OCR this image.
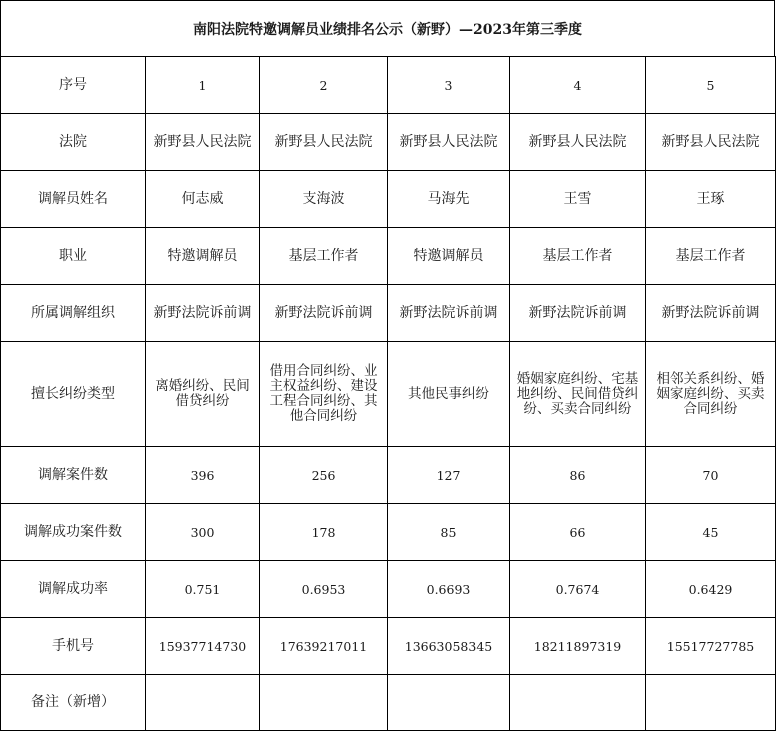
南阳法院特邀调解员业绩排名公示（新野）—2023年第三季度
序号	1	2	3	4	5
法院	新野县人民法院	新野县人民法院	新野县人民法院	新野县人民法院	新野县人民法院
调解员姓名	何志威	支海波	马海先	王雪	王琢
职业	特邀调解员	基层工作者	特邀调解员	基层工作者	基层工作者
所属调解组织	新野法院诉前调	新野法院诉前调	新野法院诉前调	新野法院诉前调	新野法院诉前调
擅长纠纷类型	离婚纠纷、民间借贷纠纷	借用合同纠纷、业主权益纠纷、建设工程合同纠纷、其他合同纠纷	其他民事纠纷	婚姻家庭纠纷、宅基地纠纷、民间借贷纠纷、买卖合同纠纷	相邻关系纠纷、婚姻家庭纠纷、买卖合同纠纷
调解案件数	396	256	127	86	70
调解成功案件数	300	178	85	66	45
调解成功率	0.751	0.6953	0.6693	0.7674	0.6429
手机号	15937714730	17639217011	13663058345	18211897319	15517727785
备注（新增）					
